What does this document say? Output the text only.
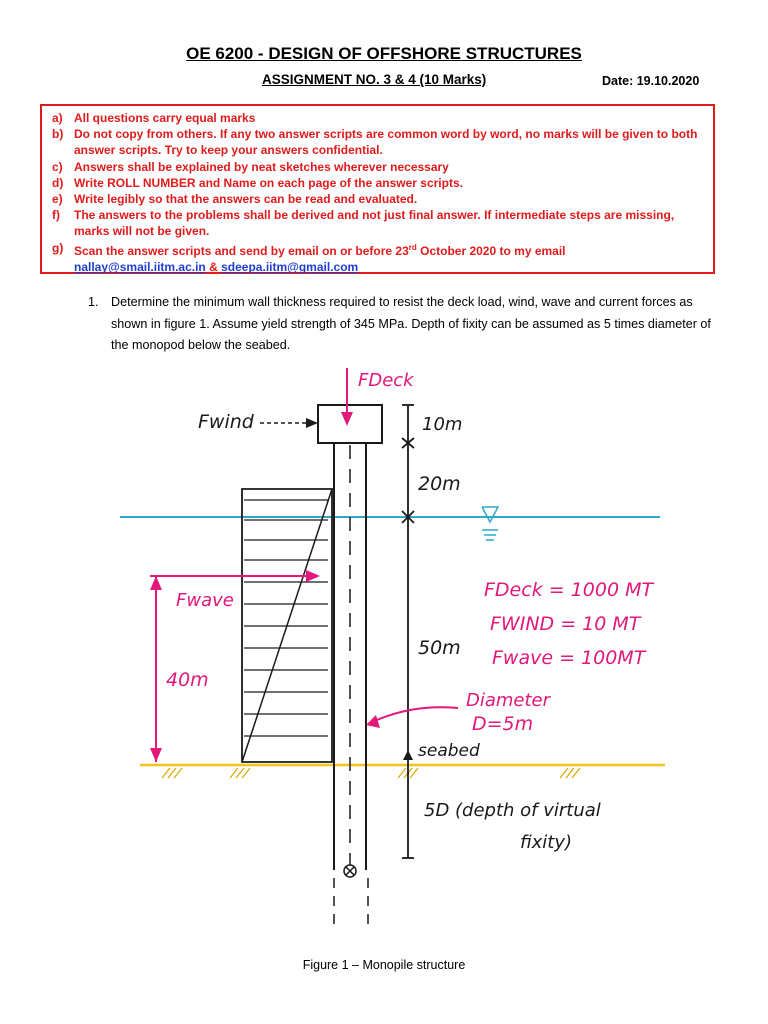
OE 6200 - DESIGN OF OFFSHORE STRUCTURES
ASSIGNMENT NO. 3 & 4 (10 Marks)	Date: 19.10.2020
a) All questions carry equal marks
b) Do not copy from others. If any two answer scripts are common word by word, no marks will be given to both answer scripts. Try to keep your answers confidential.
c) Answers shall be explained by neat sketches wherever necessary
d) Write ROLL NUMBER and Name on each page of the answer scripts.
e) Write legibly so that the answers can be read and evaluated.
f)	The answers to the problems shall be derived and not just final answer. If intermediate steps are missing, marks will not be given.
g) Scan the answer scripts and send by email on or before 23rd October 2020 to my email
nallay@smail.iitm.ac.in & sdeepa.iitm@gmail.com
1. Determine the minimum wall thickness required to resist the deck load, wind, wave and current forces as shown in figure 1. Assume yield strength of 345 MPa. Depth of fixity can be assumed as 5 times diameter of the monopod below the seabed.
FDeck
Fwind	10m
20m
50m
Fwave
40m
FDeck = 1000 MT
FWIND = 10 MT
Fwave = 100MT
Diameter
D=5m
seabed
5D (depth of virtual
fixity)
Figure 1 – Monopile structure
